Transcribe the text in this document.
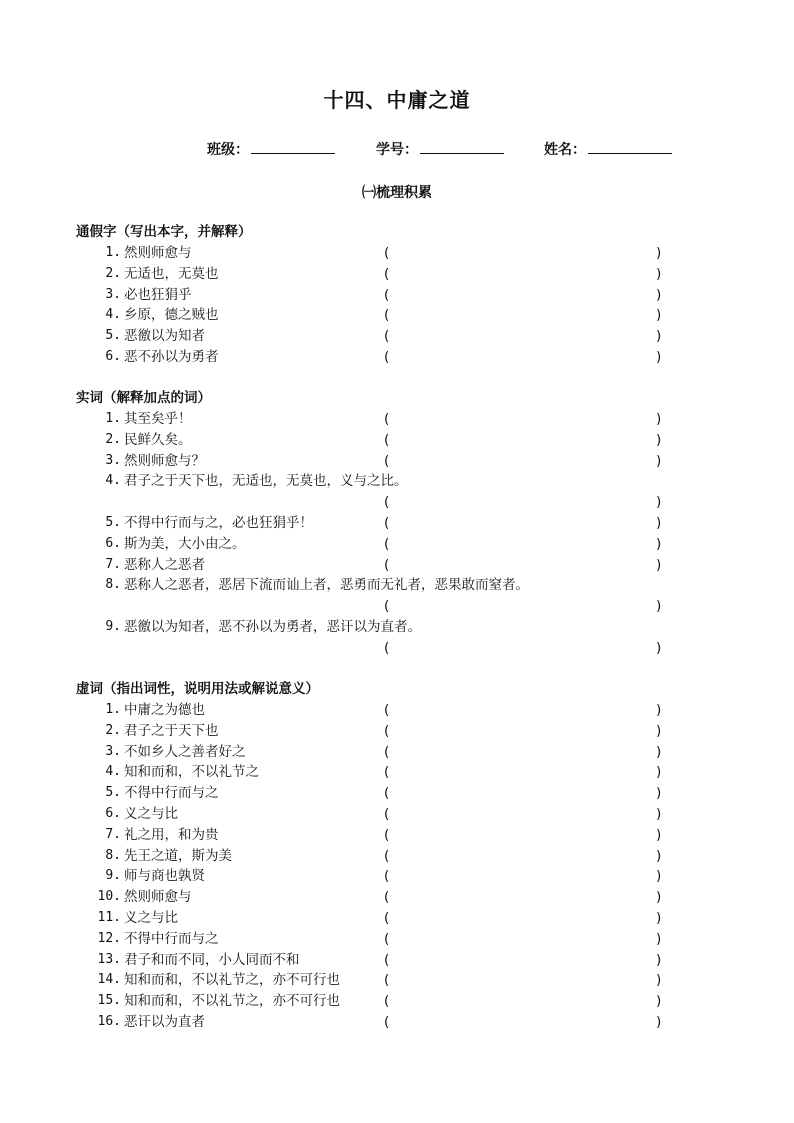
十四、中庸之道
班级：	学号：	姓名：
㈠梳理积累
通假字（写出本字，并解释）
1. 然则师愈与	(	)
2. 无适也，无莫也	(	)
3. 必也狂狷乎	(	)
4. 乡原，德之贼也	(	)
5. 恶徼以为知者	(	)
6. 恶不孙以为勇者	(	)
实词（解释加点的词）
1. 其至矣乎！	(	)
2. 民鲜久矣。	(	)
3. 然则师愈与？	(	)
4. 君子之于天下也，无适也，无莫也，义与之比。
(	)
5. 不得中行而与之，必也狂狷乎！	(	)
6. 斯为美，大小由之。	(	)
7. 恶称人之恶者	(	)
8. 恶称人之恶者，恶居下流而讪上者，恶勇而无礼者，恶果敢而窒者。
(	)
9. 恶徼以为知者，恶不孙以为勇者，恶讦以为直者。
(	)
虚词（指出词性，说明用法或解说意义）
1. 中庸之为德也	(	)
2. 君子之于天下也	(	)
3. 不如乡人之善者好之	(	)
4. 知和而和，不以礼节之	(	)
5. 不得中行而与之	(	)
6. 义之与比	(	)
7. 礼之用，和为贵	(	)
8. 先王之道，斯为美	(	)
9. 师与商也孰贤	(	)
10. 然则师愈与	(	)
11. 义之与比	(	)
12. 不得中行而与之	(	)
13. 君子和而不同，小人同而不和	(	)
14. 知和而和，不以礼节之，亦不可行也	(	)
15. 知和而和，不以礼节之，亦不可行也	(	)
16. 恶讦以为直者	(	)
